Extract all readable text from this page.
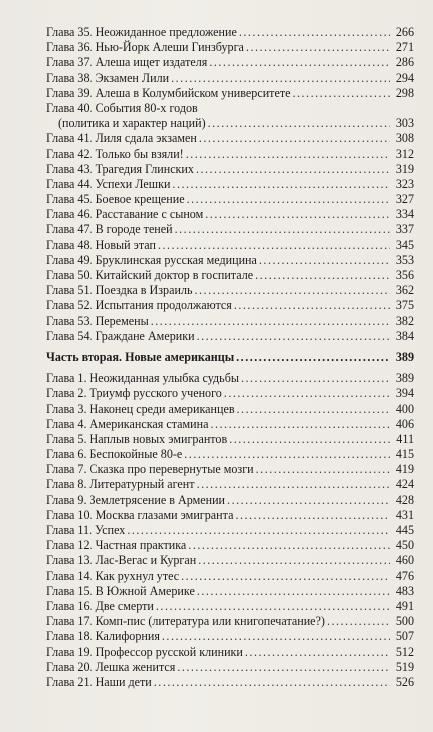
Глава 35. Неожиданное предложение .....	266
Глава 36. Нью-Йорк Алеши Гинзбурга .....	271
Глава 37. Алеша ищет издателя .....	286
Глава 38. Экзамен Лили .....	294
Глава 39. Алеша в Колумбийском университете .....	298
Глава 40. События 80-х годов
(политика и характер наций) .....	303
Глава 41. Лиля сдала экзамен .....	308
Глава 42. Только бы взяли! .....	312
Глава 43. Трагедия Глинских .....	319
Глава 44. Успехи Лешки .....	323
Глава 45. Боевое крещение .....	327
Глава 46. Расставание с сыном .....	334
Глава 47. В городе теней .....	337
Глава 48. Новый этап .....	345
Глава 49. Бруклинская русская медицина .....	353
Глава 50. Китайский доктор в госпитале .....	356
Глава 51. Поездка в Израиль .....	362
Глава 52. Испытания продолжаются .....	375
Глава 53. Перемены .....	382
Глава 54. Граждане Америки .....	384
Часть вторая. Новые американцы .....	389
Глава 1. Неожиданная улыбка судьбы .....	389
Глава 2. Триумф русского ученого .....	394
Глава 3. Наконец среди американцев .....	400
Глава 4. Американская стамина .....	406
Глава 5. Наплыв новых эмигрантов .....	411
Глава 6. Беспокойные 80-е .....	415
Глава 7. Сказка про перевернутые мозги .....	419
Глава 8. Литературный агент .....	424
Глава 9. Землетрясение в Армении .....	428
Глава 10. Москва глазами эмигранта .....	431
Глава 11. Успех .....	445
Глава 12. Частная практика .....	450
Глава 13. Лас-Вегас и Курган .....	460
Глава 14. Как рухнул утес .....	476
Глава 15. В Южной Америке .....	483
Глава 16. Две смерти .....	491
Глава 17. Комп-пис (литература или книгопечатание?) .....	500
Глава 18. Калифорния .....	507
Глава 19. Профессор русской клиники .....	512
Глава 20. Лешка женится .....	519
Глава 21. Наши дети .....	526
